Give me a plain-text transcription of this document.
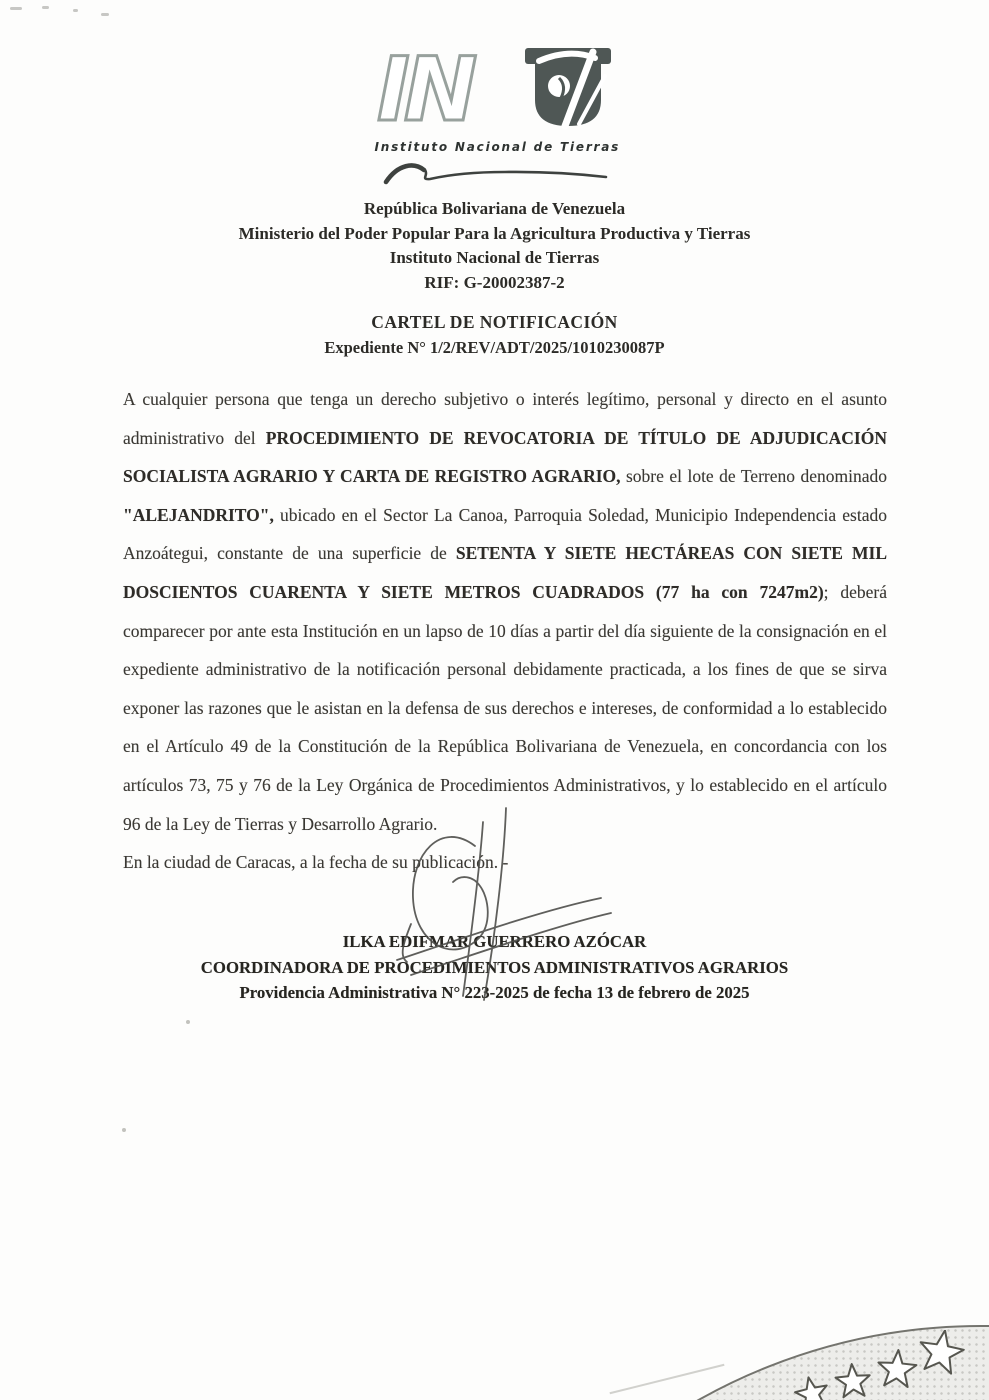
IN
Instituto Nacional de Tierras
República Bolivariana de Venezuela
Ministerio del Poder Popular Para la Agricultura Productiva y Tierras
Instituto Nacional de Tierras
RIF: G-20002387-2
CARTEL DE NOTIFICACIÓN
Expediente N° 1/2/REV/ADT/2025/1010230087P

A cualquier persona que tenga un derecho subjetivo o interés legítimo, personal y directo en el asunto administrativo del PROCEDIMIENTO DE REVOCATORIA DE TÍTULO DE ADJUDICACIÓN SOCIALISTA AGRARIO Y CARTA DE REGISTRO AGRARIO, sobre el lote de Terreno denominado "ALEJANDRITO", ubicado en el Sector La Canoa, Parroquia Soledad, Municipio Independencia estado Anzoátegui, constante de una superficie de SETENTA Y SIETE HECTÁREAS CON SIETE MIL DOSCIENTOS CUARENTA Y SIETE METROS CUADRADOS (77 ha con 7247m2); deberá comparecer por ante esta Institución en un lapso de 10 días a partir del día siguiente de la consignación en el expediente administrativo de la notificación personal debidamente practicada, a los fines de que se sirva exponer las razones que le asistan en la defensa de sus derechos e intereses, de conformidad a lo establecido en el Artículo 49 de la Constitución de la República Bolivariana de Venezuela, en concordancia con los artículos 73, 75 y 76 de la Ley Orgánica de Procedimientos Administrativos, y lo establecido en el artículo 96 de la Ley de Tierras y Desarrollo Agrario.

En la ciudad de Caracas, a la fecha de su publicación. -

ILKA EDIFMAR GUERRERO AZÓCAR
COORDINADORA DE PROCEDIMIENTOS ADMINISTRATIVOS AGRARIOS
Providencia Administrativa N° 223-2025 de fecha 13 de febrero de 2025
